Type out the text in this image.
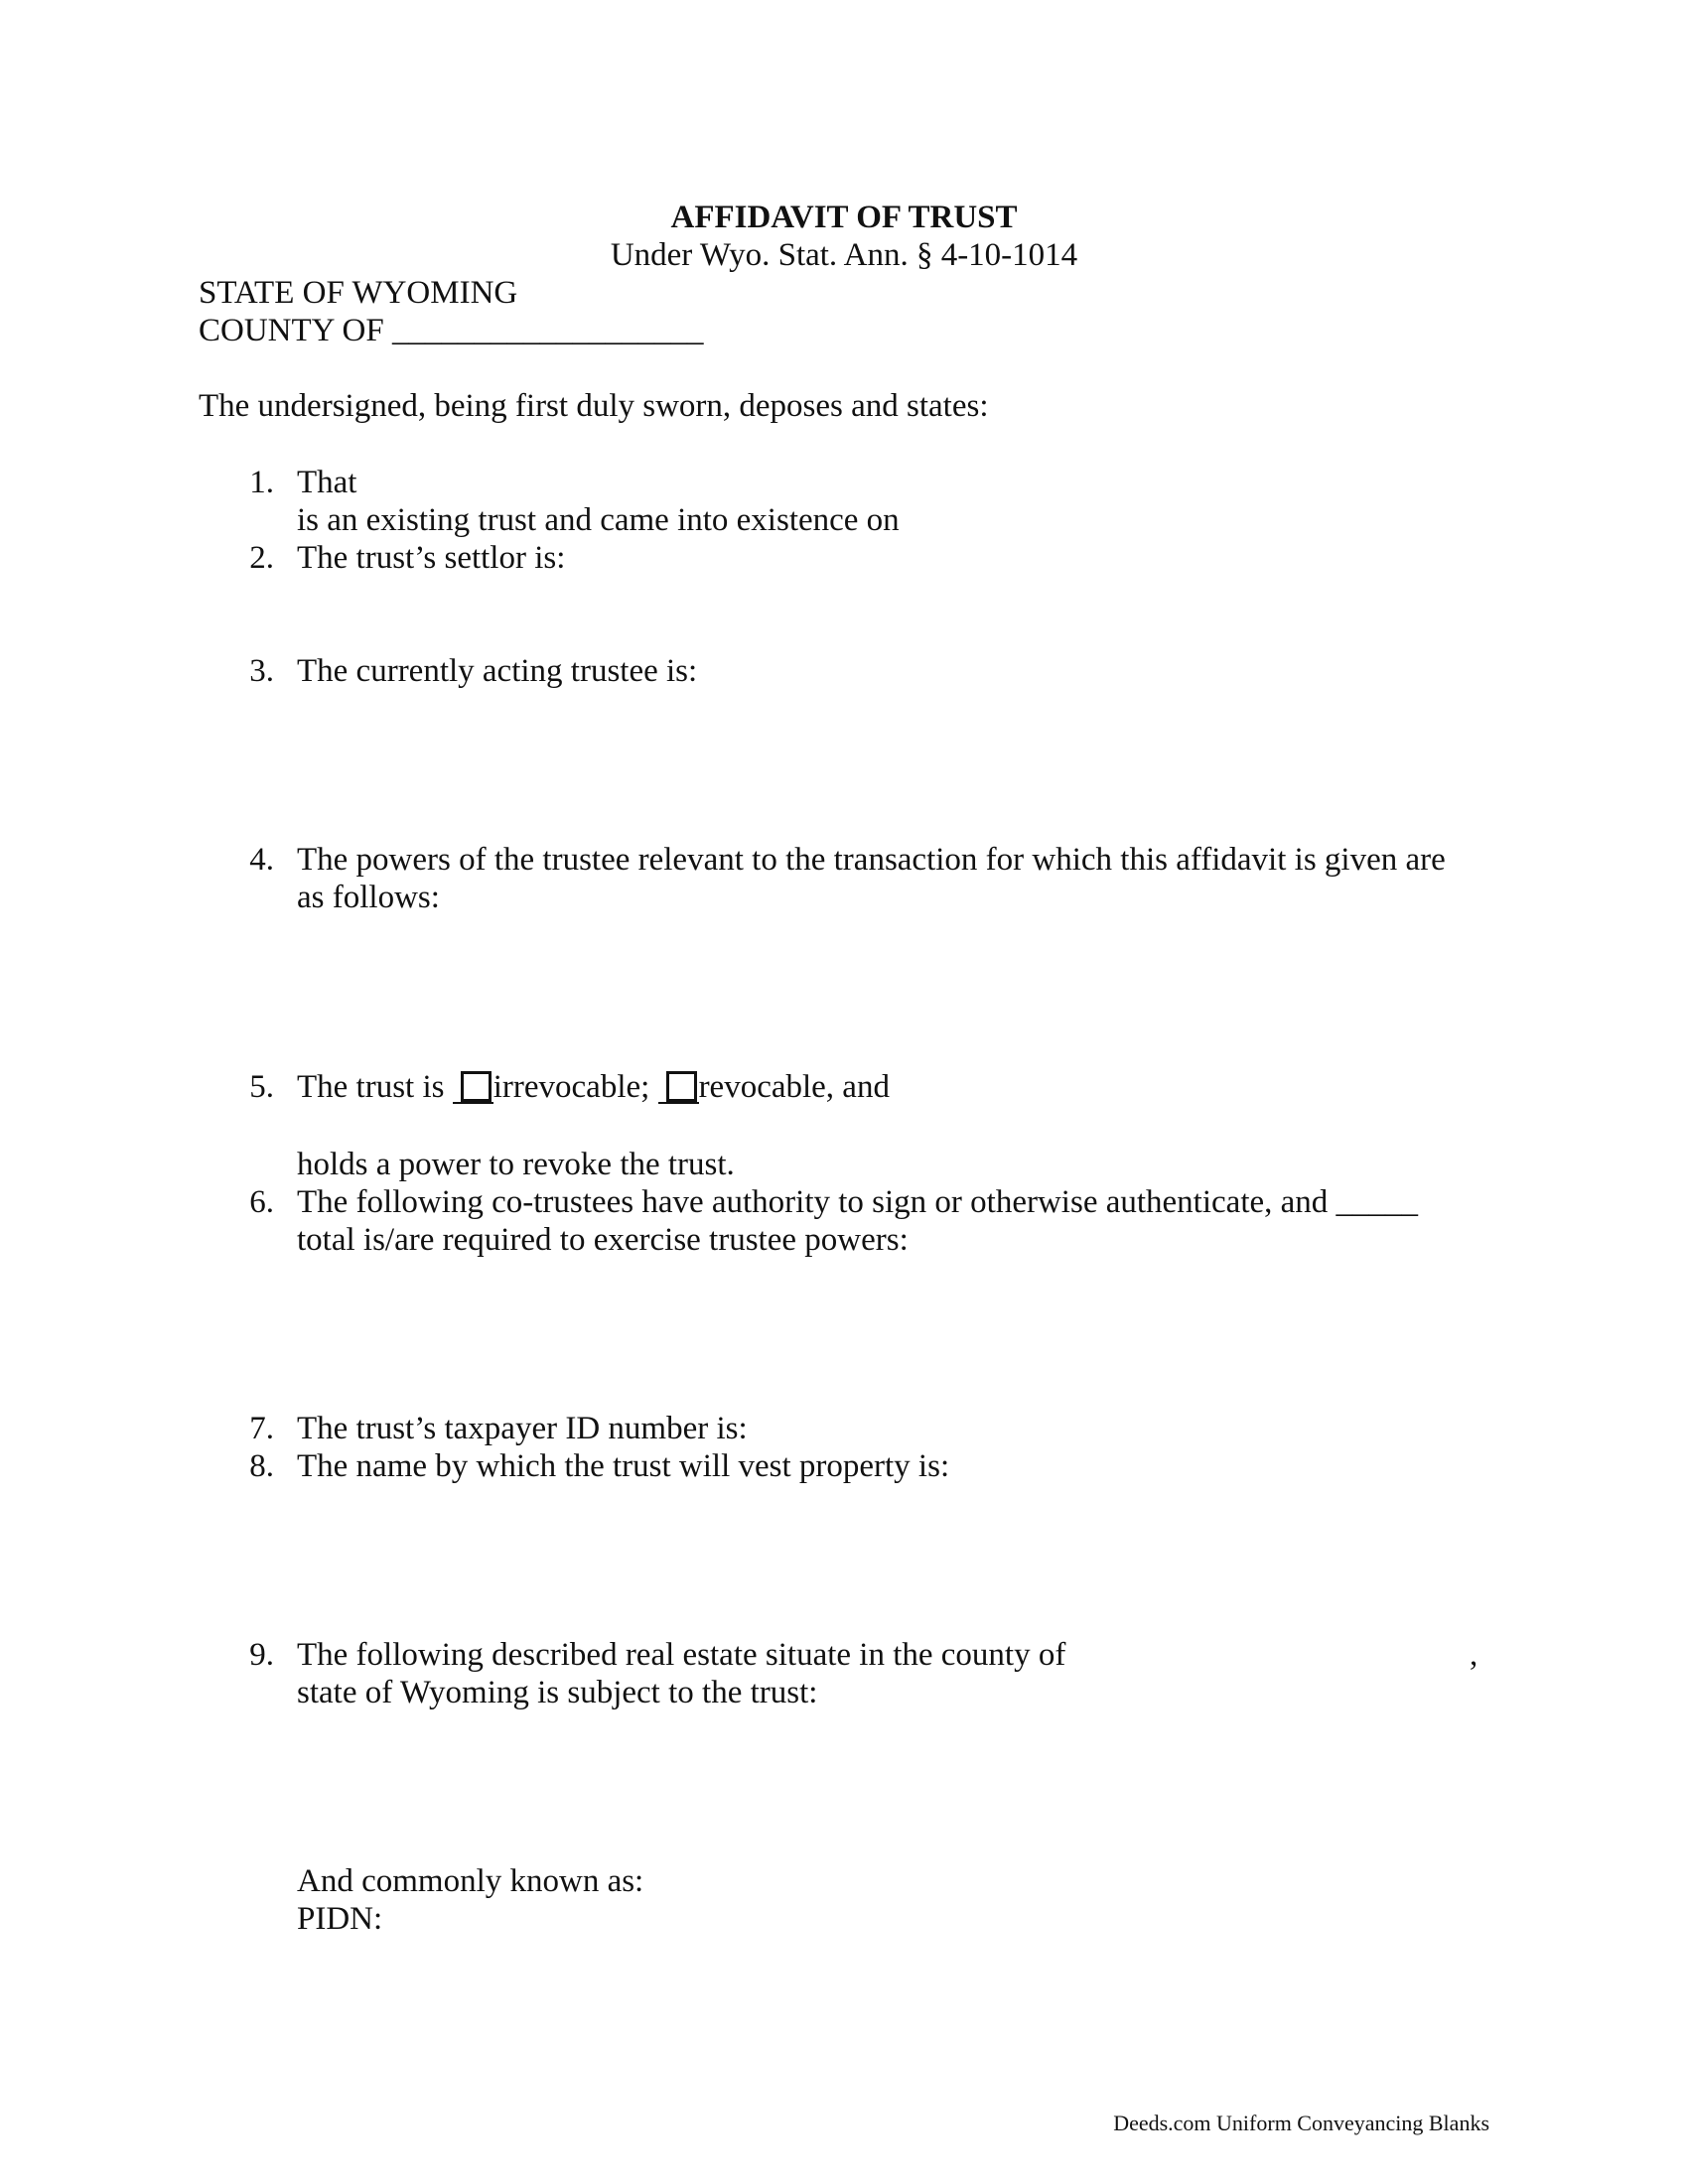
AFFIDAVIT OF TRUST
Under Wyo. Stat. Ann. § 4-10-1014
STATE OF WYOMING
COUNTY OF ___________________
The undersigned, being first duly sworn, deposes and states:
1. That
is an existing trust and came into existence on
2. The trust’s settlor is:
3. The currently acting trustee is:
4. The powers of the trustee relevant to the transaction for which this affidavit is given are
as follows:
5. The trust is irrevocable; revocable, and
holds a power to revoke the trust.
6. The following co-trustees have authority to sign or otherwise authenticate, and _____
total is/are required to exercise trustee powers:
7. The trust’s taxpayer ID number is:
8. The name by which the trust will vest property is:
9. The following described real estate situate in the county of	,
state of Wyoming is subject to the trust:
And commonly known as:
PIDN:
Deeds.com Uniform Conveyancing Blanks
